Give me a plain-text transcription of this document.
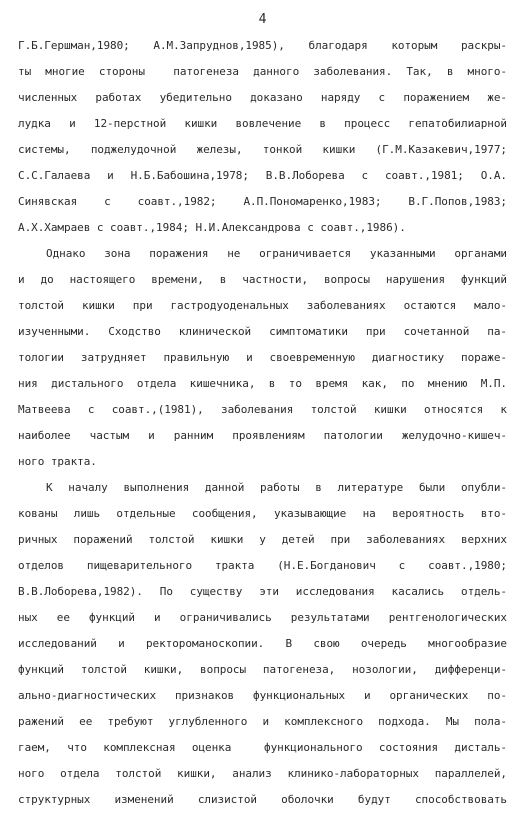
4
Г.Б.Гершман,1980; А.М.Запруднов,1985), благодаря которым раскры-
ты многие стороны  патогенеза данного заболевания. Так, в много-
численных работах убедительно доказано наряду с поражением же-
лудка и 12-перстной кишки вовлечение в процесс гепатобилиарной
системы, поджелудочной железы, тонкой кишки (Г.М.Казакевич,1977;
С.С.Галаева и Н.Б.Бабошина,1978; В.В.Лоборева с соавт.,1981; О.А.
Синявская с соавт.,1982; А.П.Пономаренко,1983; В.Г.Попов,1983;
А.Х.Хамраев с соавт.,1984; Н.И.Александрова с соавт.,1986).
Однако зона поражения не ограничивается указанными органами
и до настоящего времени, в частности, вопросы нарушения функций
толстой кишки при гастродуоденальных заболеваниях остаются мало-
изученными. Сходство клинической симптоматики при сочетанной па-
тологии затрудняет правильную и своевременную диагностику пораже-
ния дистального отдела кишечника, в то время как, по мнению М.П.
Матвеева с соавт.,(1981), заболевания толстой кишки относятся к
наиболее частым и ранним проявлениям патологии желудочно-кишеч-
ного тракта.
К началу выполнения данной работы в литературе были опубли-
кованы лишь отдельные сообщения, указывающие на вероятность вто-
ричных поражений толстой кишки у детей при заболеваниях верхних
отделов пищеварительного тракта (Н.Е.Богданович с соавт.,1980;
В.В.Лоборева,1982). По существу эти исследования касались отдель-
ных ее функций и ограничивались результатами рентгенологических
исследований и ректороманоскопии. В свою очередь многообразие
функций толстой кишки, вопросы патогенеза, нозологии, дифференци-
ально-диагностических признаков функциональных и органических по-
ражений ее требуют углубленного и комплексного подхода. Мы пола-
гаем, что комплексная оценка  функционального состояния дисталь-
ного отдела толстой кишки, анализ клинико-лабораторных параллелей,
структурных изменений слизистой оболочки будут способствовать
